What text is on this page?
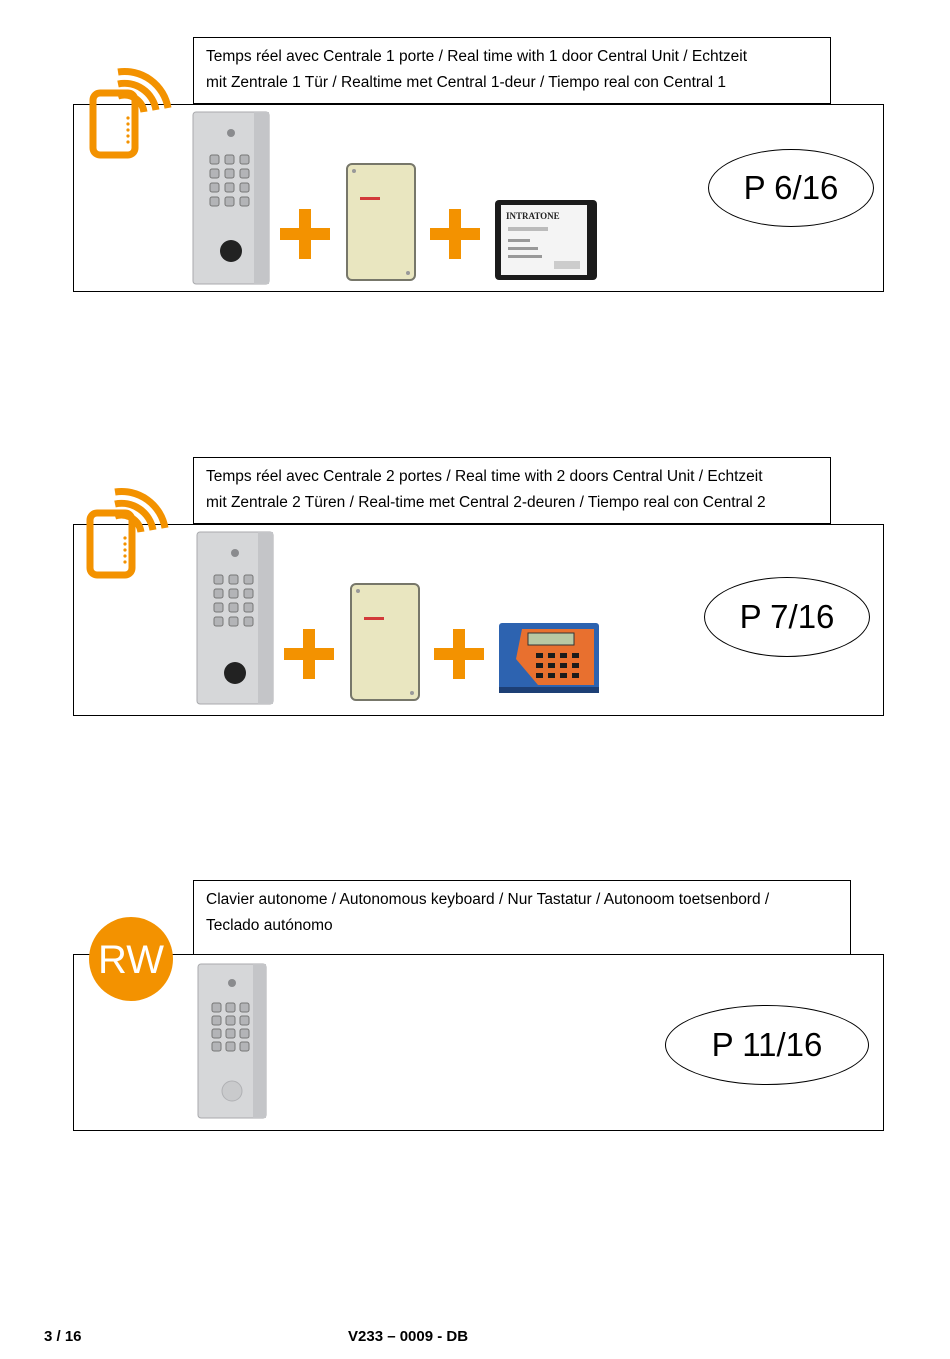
Temps réel avec Centrale 1 porte / Real time with 1 door Central Unit / Echtzeit
mit Zentrale 1 Tür / Realtime met Central 1-deur / Tiempo real con Central 1
INTRATONE
P 6/16
Temps réel avec Centrale 2 portes / Real time with 2 doors Central Unit / Echtzeit
mit Zentrale 2 Türen / Real-time met Central 2-deuren / Tiempo real con Central 2
P 7/16
Clavier autonome / Autonomous keyboard / Nur Tastatur / Autonoom toetsenbord /
Teclado autónomo
RW
P 11/16
3 / 16	V233 – 0009 - DB
